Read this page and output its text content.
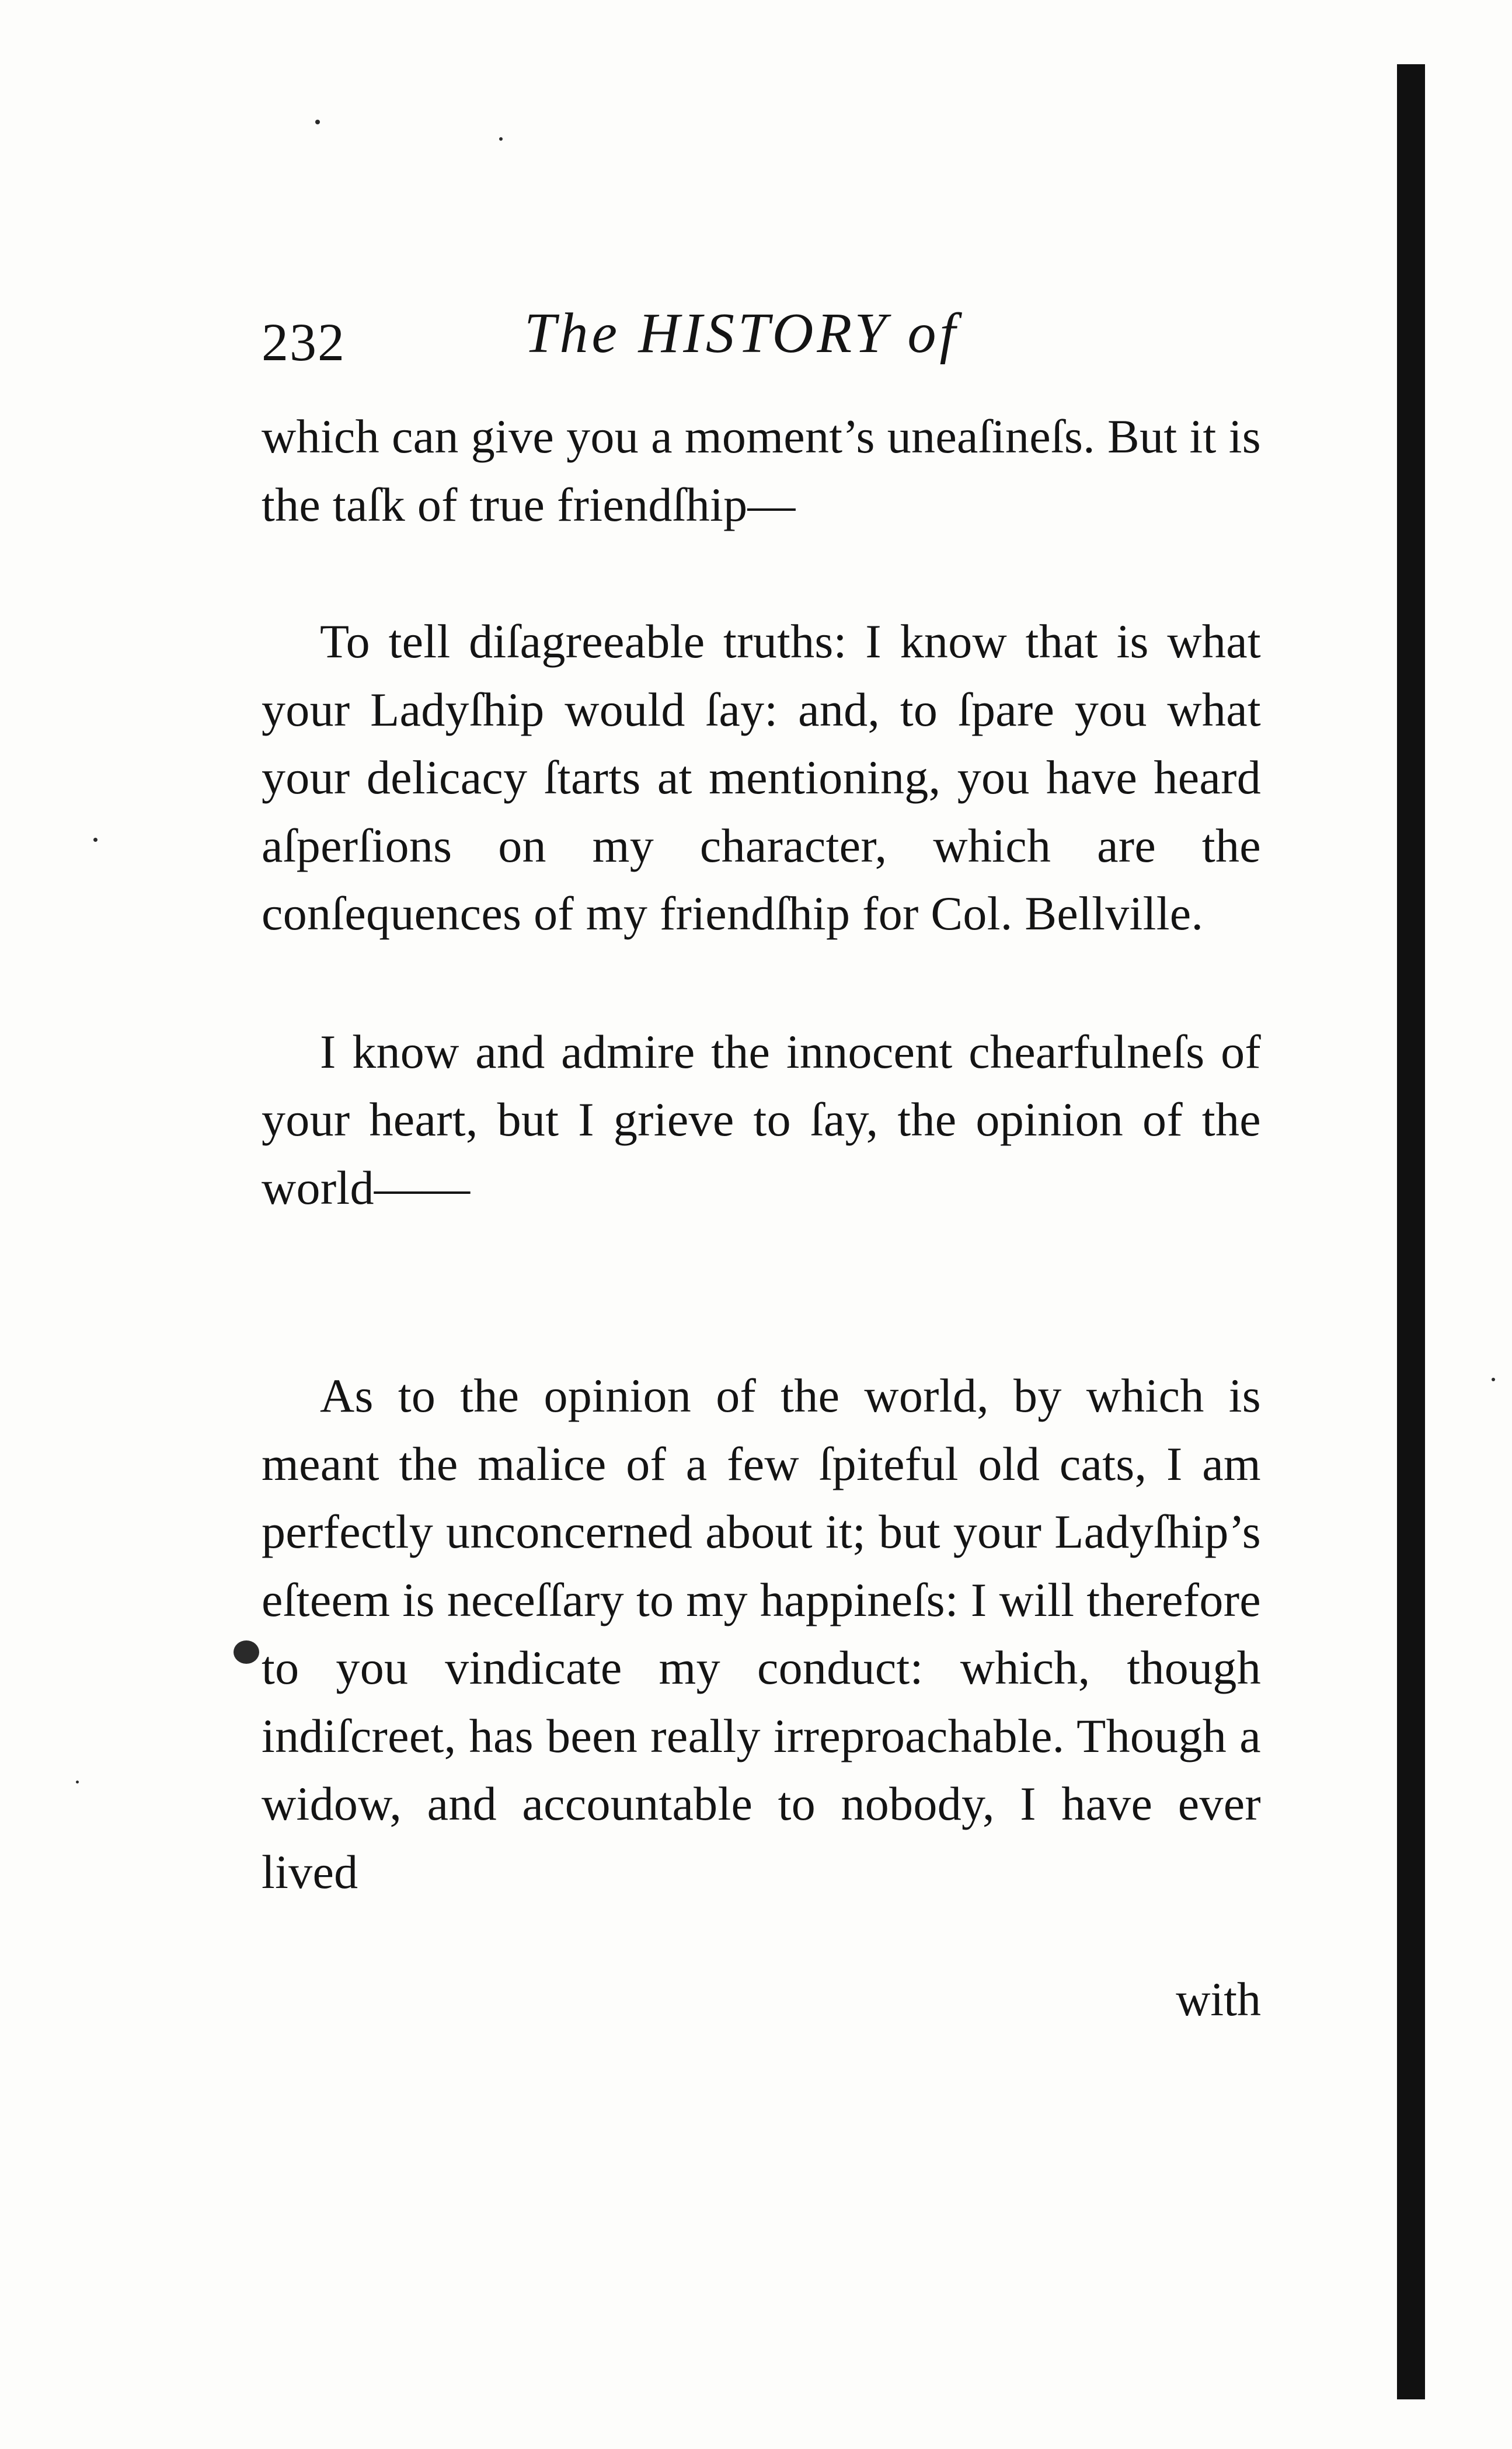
232	The HISTORY of

which can give you a moment’s uneaſineſs. But it is the taſk of true friendſhip—

To tell diſagreeable truths: I know that is what your Ladyſhip would ſay: and, to ſpare you what your delicacy ſtarts at mentioning, you have heard aſperſions on my character, which are the conſequences of my friendſhip for Col. Bellville.

I know and admire the innocent chearfulneſs of your heart, but I grieve to ſay, the opinion of the world——

As to the opinion of the world, by which is meant the malice of a few ſpiteful old cats, I am perfectly unconcerned about it; but your Ladyſhip’s eſteem is neceſſary to my happineſs: I will therefore to you vindicate my conduct: which, though indiſcreet, has been really irreproachable. Though a widow, and accountable to nobody, I have ever lived

with
